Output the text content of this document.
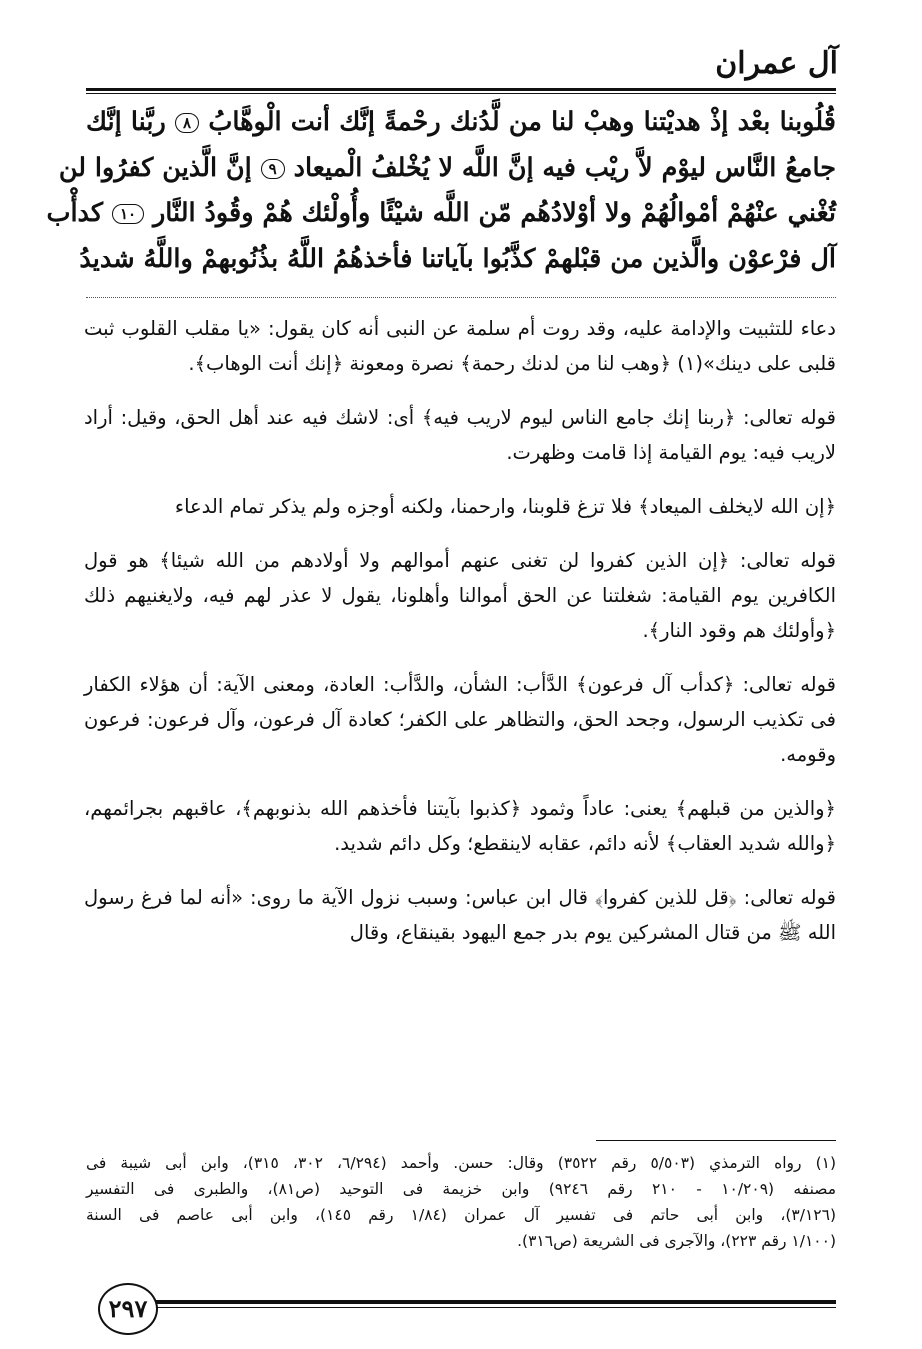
آل عمران
قُلُوبنا بعْد إذْ هديْتنا وهبْ لنا من لَّدُنك رحْمةً إنَّك أنت الْوهَّابُ ٨ ربَّنا إنَّك
جامعُ النَّاس ليوْم لاَّ ريْب فيه إنَّ اللَّه لا يُخْلفُ الْميعاد ٩ إنَّ الَّذين كفرُوا لن
تُغْني عنْهُمْ أمْوالُهُمْ ولا أوْلادُهُم مّن اللَّه شيْئًا وأُولْئك هُمْ وقُودُ النَّار ١٠ كدأْب
آل فرْعوْن والَّذين من قبْلهمْ كذَّبُوا بآياتنا فأخذهُمُ اللَّهُ بذُنُوبهمْ واللَّهُ شديدُ

دعاء للتثبيت والإدامة عليه، وقد روت أم سلمة عن النبى أنه كان يقول: «يا مقلب القلوب ثبت قلبى على دينك»(١) ﴿وهب لنا من لدنك رحمة﴾ نصرة ومعونة ﴿إنك أنت الوهاب﴾.

قوله تعالى: ﴿ربنا إنك جامع الناس ليوم لاريب فيه﴾ أى: لاشك فيه عند أهل الحق، وقيل: أراد لاريب فيه: يوم القيامة إذا قامت وظهرت.

﴿إن الله لايخلف الميعاد﴾ فلا تزغ قلوبنا، وارحمنا، ولكنه أوجزه ولم يذكر تمام الدعاء

قوله تعالى: ﴿إن الذين كفروا لن تغنى عنهم أموالهم ولا أولادهم من الله شيئا﴾ هو قول الكافرين يوم القيامة: شغلتنا عن الحق أموالنا وأهلونا، يقول لا عذر لهم فيه، ولايغنيهم ذلك ﴿وأولئك هم وقود النار﴾.

قوله تعالى: ﴿كدأب آل فرعون﴾ الدَّأب: الشأن، والدَّأب: العادة، ومعنى الآية: أن هؤلاء الكفار فى تكذيب الرسول، وجحد الحق، والتظاهر على الكفر؛ كعادة آل فرعون، وآل فرعون: فرعون وقومه.

﴿والذين من قبلهم﴾ يعنى: عاداً وثمود ﴿كذبوا بآيتنا فأخذهم الله بذنوبهم﴾، عاقبهم بجرائمهم، ﴿والله شديد العقاب﴾ لأنه دائم، عقابه لاينقطع؛ وكل دائم شديد.

قوله تعالى: ﴿قل للذين كفروا﴾ قال ابن عباس: وسبب نزول الآية ما روى: «أنه لما فرغ رسول الله ﷺ من قتال المشركين يوم بدر جمع اليهود بقينقاع، وقال

(١) رواه الترمذي (٥/٥٠٣ رقم ٣٥٢٢) وقال: حسن. وأحمد (٦/٢٩٤، ٣٠٢، ٣١٥)، وابن أبى شيبة فى
مصنفه (١٠/٢٠٩ - ٢١٠ رقم ٩٢٤٦) وابن خزيمة فى التوحيد (ص٨١)، والطبرى فى التفسير
(٣/١٢٦)، وابن أبى حاتم فى تفسير آل عمران (١/٨٤ رقم ١٤٥)، وابن أبى عاصم فى السنة
(١/١٠٠ رقم ٢٢٣)، والآجرى فى الشريعة (ص٣١٦).
٢٩٧
